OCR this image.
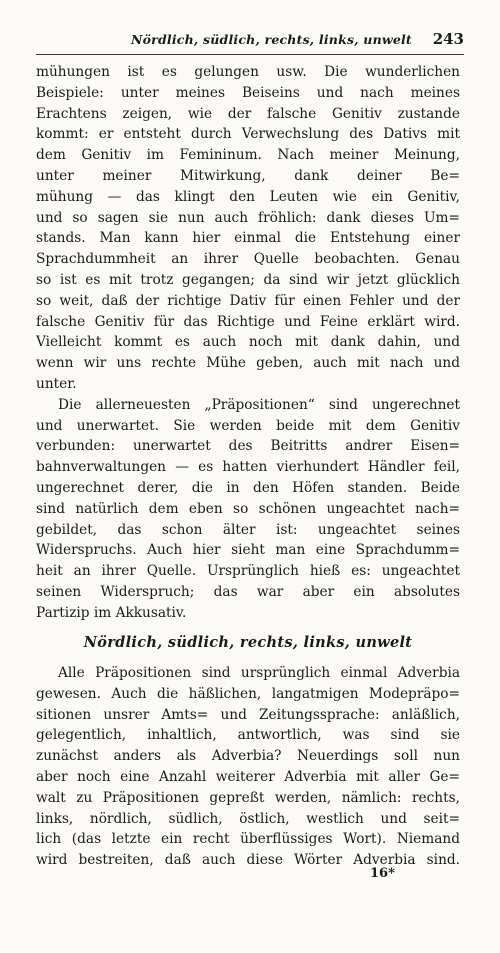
Nördlich, südlich, rechts, links, unwelt 243
mühungen ist es gelungen usw. Die wunderlichen
Beispiele: unter meines Beiseins und nach meines
Erachtens zeigen, wie der falsche Genitiv zustande
kommt: er entsteht durch Verwechslung des Dativs mit
dem Genitiv im Femininum. Nach meiner Meinung,
unter meiner Mitwirkung, dank deiner Be=
mühung — das klingt den Leuten wie ein Genitiv,
und so sagen sie nun auch fröhlich: dank dieses Um=
stands. Man kann hier einmal die Entstehung einer
Sprachdummheit an ihrer Quelle beobachten. Genau
so ist es mit trotz gegangen; da sind wir jetzt glücklich
so weit, daß der richtige Dativ für einen Fehler und der
falsche Genitiv für das Richtige und Feine erklärt wird.
Vielleicht kommt es auch noch mit dank dahin, und
wenn wir uns rechte Mühe geben, auch mit nach und
unter.
Die allerneuesten „Präpositionen“ sind ungerechnet
und unerwartet. Sie werden beide mit dem Genitiv
verbunden: unerwartet des Beitritts andrer Eisen=
bahnverwaltungen — es hatten vierhundert Händler feil,
ungerechnet derer, die in den Höfen standen. Beide
sind natürlich dem eben so schönen ungeachtet nach=
gebildet, das schon älter ist: ungeachtet seines
Widerspruchs. Auch hier sieht man eine Sprachdumm=
heit an ihrer Quelle. Ursprünglich hieß es: ungeachtet
seinen Widerspruch; das war aber ein absolutes
Partizip im Akkusativ.
Nördlich, südlich, rechts, links, unwelt
Alle Präpositionen sind ursprünglich einmal Adverbia
gewesen. Auch die häßlichen, langatmigen Modepräpo=
sitionen unsrer Amts= und Zeitungssprache: anläßlich,
gelegentlich, inhaltlich, antwortlich, was sind sie
zunächst anders als Adverbia? Neuerdings soll nun
aber noch eine Anzahl weiterer Adverbia mit aller Ge=
walt zu Präpositionen gepreßt werden, nämlich: rechts,
links, nördlich, südlich, östlich, westlich und seit=
lich (das letzte ein recht überflüssiges Wort). Niemand
wird bestreiten, daß auch diese Wörter Adverbia sind.
16*
